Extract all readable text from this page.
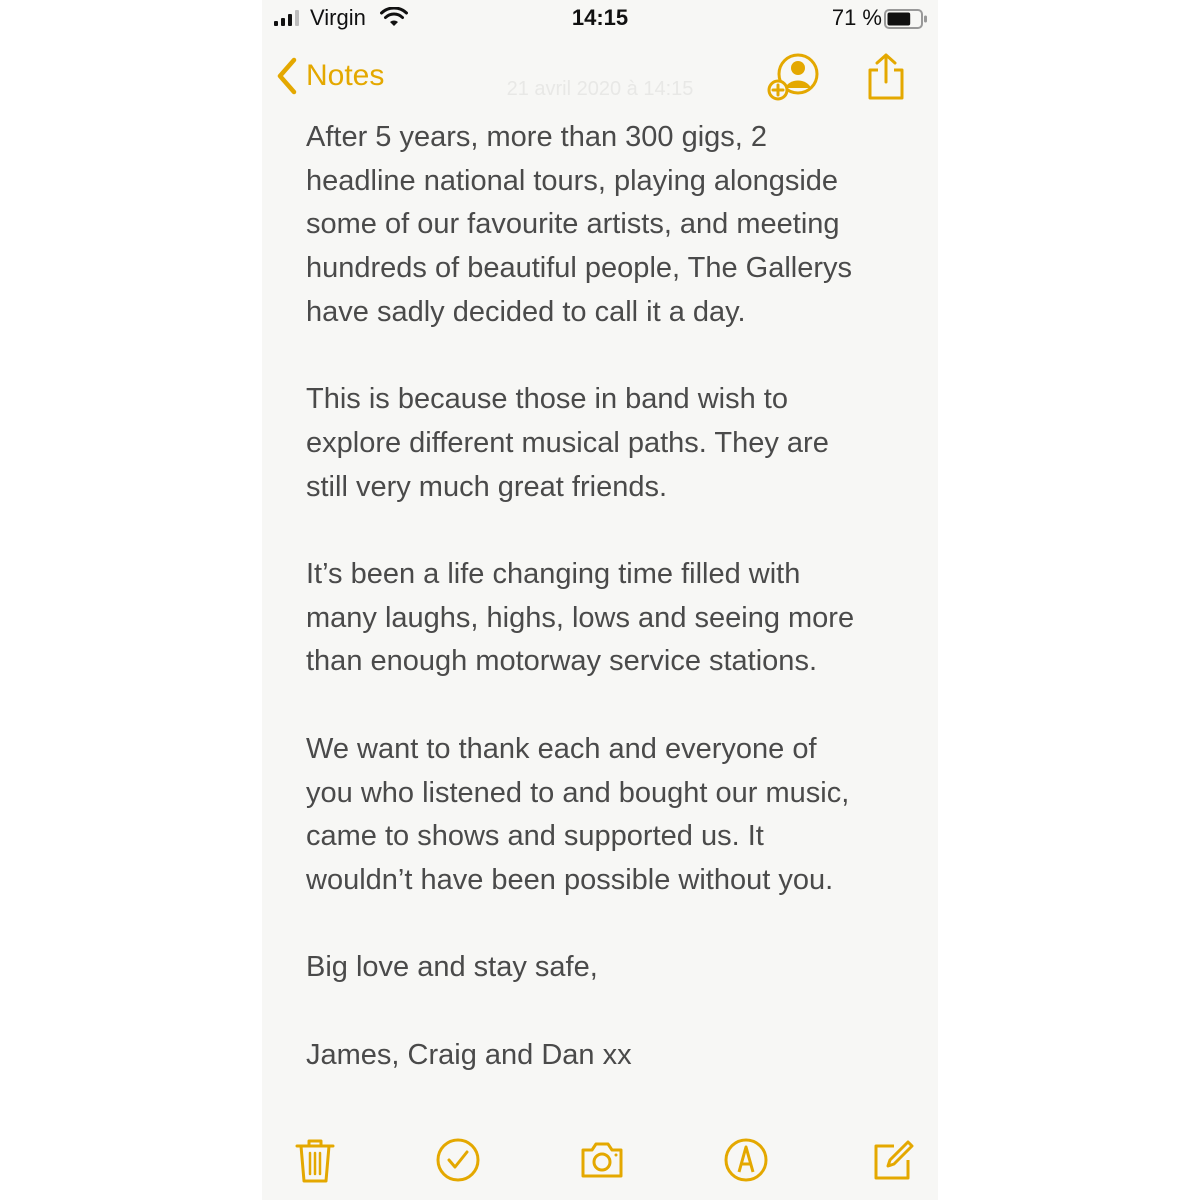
Virgin	14:15	71 %
Notes	21 avril 2020 à 14:15

After 5 years, more than 300 gigs, 2
headline national tours, playing alongside
some of our favourite artists, and meeting
hundreds of beautiful people, The Gallerys
have sadly decided to call it a day.

This is because those in band wish to
explore different musical paths. They are
still very much great friends.

It’s been a life changing time filled with
many laughs, highs, lows and seeing more
than enough motorway service stations.

We want to thank each and everyone of
you who listened to and bought our music,
came to shows and supported us. It
wouldn’t have been possible without you.

Big love and stay safe,

James, Craig and Dan xx
